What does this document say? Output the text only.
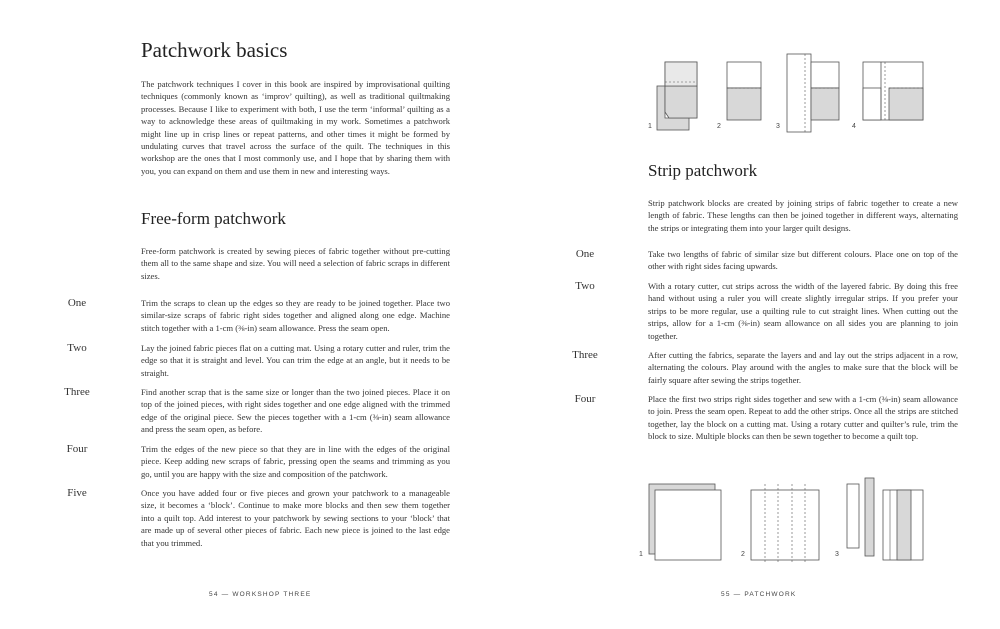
Patchwork basics

The patchwork techniques I cover in this book are inspired by improvisational quilting techniques (commonly known as ‘improv’ quilting), as well as traditional quiltmaking processes. Because I like to experiment with both, I use the term ‘informal’ quilting as a way to acknowledge these areas of quiltmaking in my work. Sometimes a patchwork might line up in crisp lines or repeat patterns, and other times it might be formed by undulating curves that travel across the surface of the quilt. The techniques in this workshop are the ones that I most commonly use, and I hope that by sharing them with you, you can expand on them and use them in new and interesting ways.

Free-form patchwork

Free-form patchwork is created by sewing pieces of fabric together without pre-cutting them all to the same shape and size. You will need a selection of fabric scraps in different sizes.

One	Trim the scraps to clean up the edges so they are ready to be joined together. Place two similar-size scraps of fabric right sides together and aligned along one edge. Machine stitch together with a 1-cm (⅜-in) seam allowance. Press the seam open.

Two	Lay the joined fabric pieces flat on a cutting mat. Using a rotary cutter and ruler, trim the edge so that it is straight and level. You can trim the edge at an angle, but it needs to be straight.

Three	Find another scrap that is the same size or longer than the two joined pieces. Place it on top of the joined pieces, with right sides together and one edge aligned with the trimmed edge of the original piece. Sew the pieces together with a 1-cm (⅜-in) seam allowance and press the seam open, as before.

Four	Trim the edges of the new piece so that they are in line with the edges of the original piece. Keep adding new scraps of fabric, pressing open the seams and trimming as you go, until you are happy with the size and composition of the patchwork.

Five	Once you have added four or five pieces and grown your patchwork to a manageable size, it becomes a ‘block’. Continue to make more blocks and then sew them together into a quilt top. Add interest to your patchwork by sewing sections to your ‘block’ that are made up of several other pieces of fabric. Each new piece is joined to the last edge that you trimmed.

54 — WORKSHOP THREE
1	2	3	4
Strip patchwork

Strip patchwork blocks are created by joining strips of fabric together to create a new length of fabric. These lengths can then be joined together in different ways, alternating the strips or integrating them into your larger quilt designs.

One	Take two lengths of fabric of similar size but different colours. Place one on top of the other with right sides facing upwards.

Two	With a rotary cutter, cut strips across the width of the layered fabric. By doing this free hand without using a ruler you will create slightly irregular strips. If you prefer your strips to be more regular, use a quilting rule to cut straight lines. When cutting out the strips, allow for a 1-cm (⅜-in) seam allowance on all sides you are planning to join together.

Three	After cutting the fabrics, separate the layers and and lay out the strips adjacent in a row, alternating the colours. Play around with the angles to make sure that the block will be fairly square after sewing the strips together.

Four	Place the first two strips right sides together and sew with a 1-cm (⅜-in) seam allowance to join. Press the seam open. Repeat to add the other strips. Once all the strips are stitched together, lay the block on a cutting mat. Using a rotary cutter and quilter’s rule, trim the block to size. Multiple blocks can then be sewn together to become a quilt top.

1	2	3
55 — PATCHWORK
